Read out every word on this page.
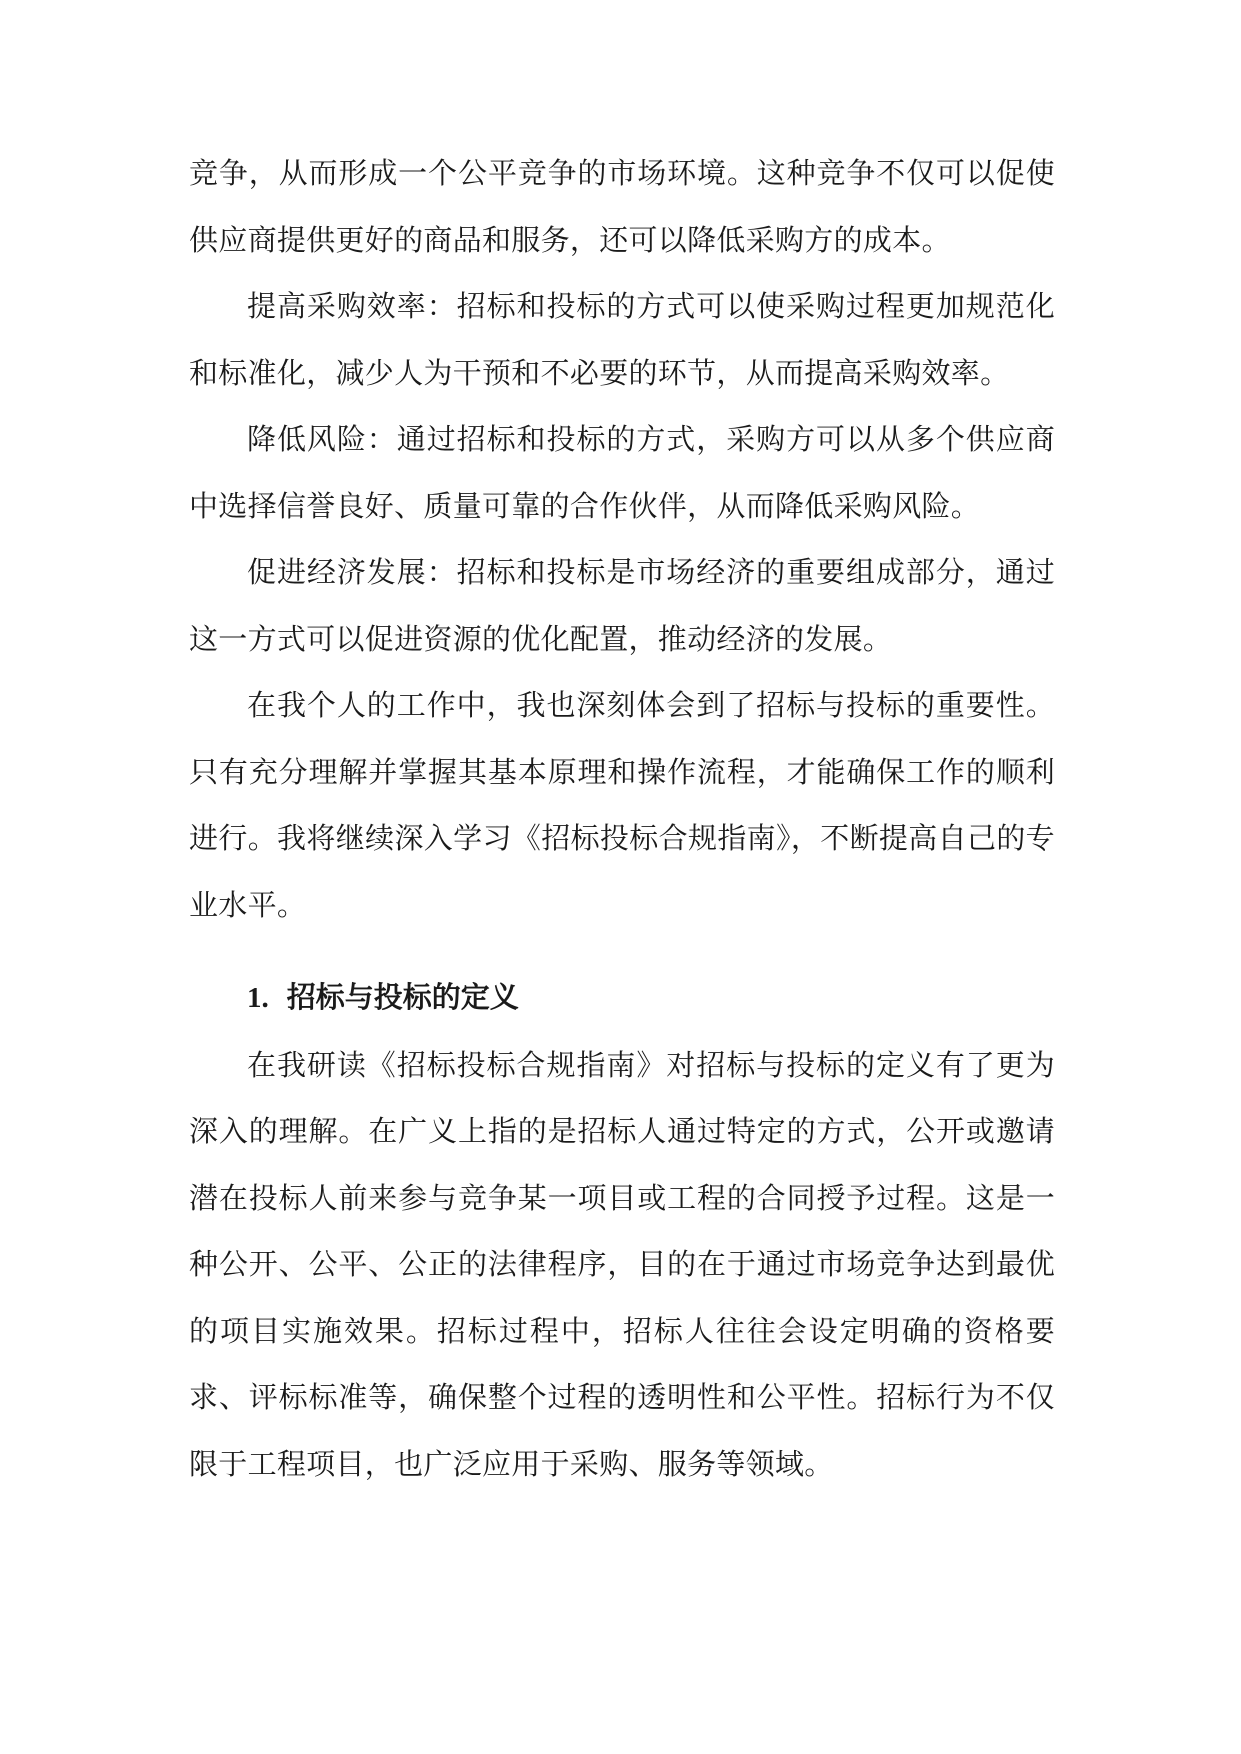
竞争，从而形成一个公平竞争的市场环境。这种竞争不仅可以促使供应商提供更好的商品和服务，还可以降低采购方的成本。

提高采购效率：招标和投标的方式可以使采购过程更加规范化和标准化，减少人为干预和不必要的环节，从而提高采购效率。

降低风险：通过招标和投标的方式，采购方可以从多个供应商中选择信誉良好、质量可靠的合作伙伴，从而降低采购风险。

促进经济发展：招标和投标是市场经济的重要组成部分，通过这一方式可以促进资源的优化配置，推动经济的发展。

在我个人的工作中，我也深刻体会到了招标与投标的重要性。只有充分理解并掌握其基本原理和操作流程，才能确保工作的顺利进行。我将继续深入学习《招标投标合规指南》，不断提高自己的专业水平。

1. 招标与投标的定义

在我研读《招标投标合规指南》对招标与投标的定义有了更为深入的理解。在广义上指的是招标人通过特定的方式，公开或邀请潜在投标人前来参与竞争某一项目或工程的合同授予过程。这是一种公开、公平、公正的法律程序，目的在于通过市场竞争达到最优的项目实施效果。招标过程中，招标人往往会设定明确的资格要求、评标标准等，确保整个过程的透明性和公平性。招标行为不仅限于工程项目，也广泛应用于采购、服务等领域。
